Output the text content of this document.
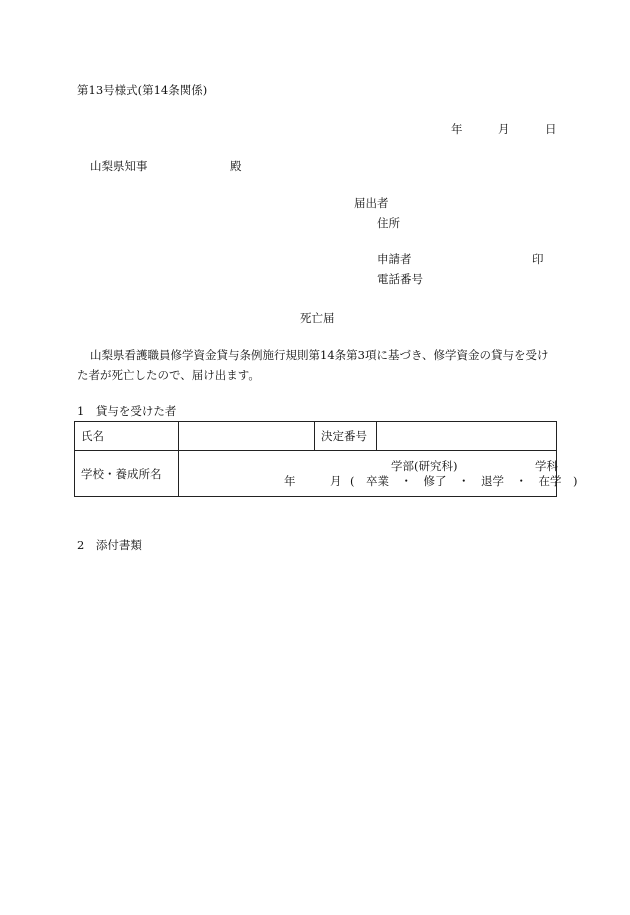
第13号様式(第14条関係)
年	月	日
山梨県知事	殿
届出者
住所
申請者	印
電話番号
死亡届
山梨県看護職員修学資金貸与条例施行規則第14条第3項に基づき、修学資金の貸与を受け
た者が死亡したので、届け出ます。
1　貸与を受けた者
氏名		決定番号	
学校・養成所名	学部(研究科) 学科
年 月 (　卒業　・　修了　・　退学　・　在学　)		
2　添付書類
